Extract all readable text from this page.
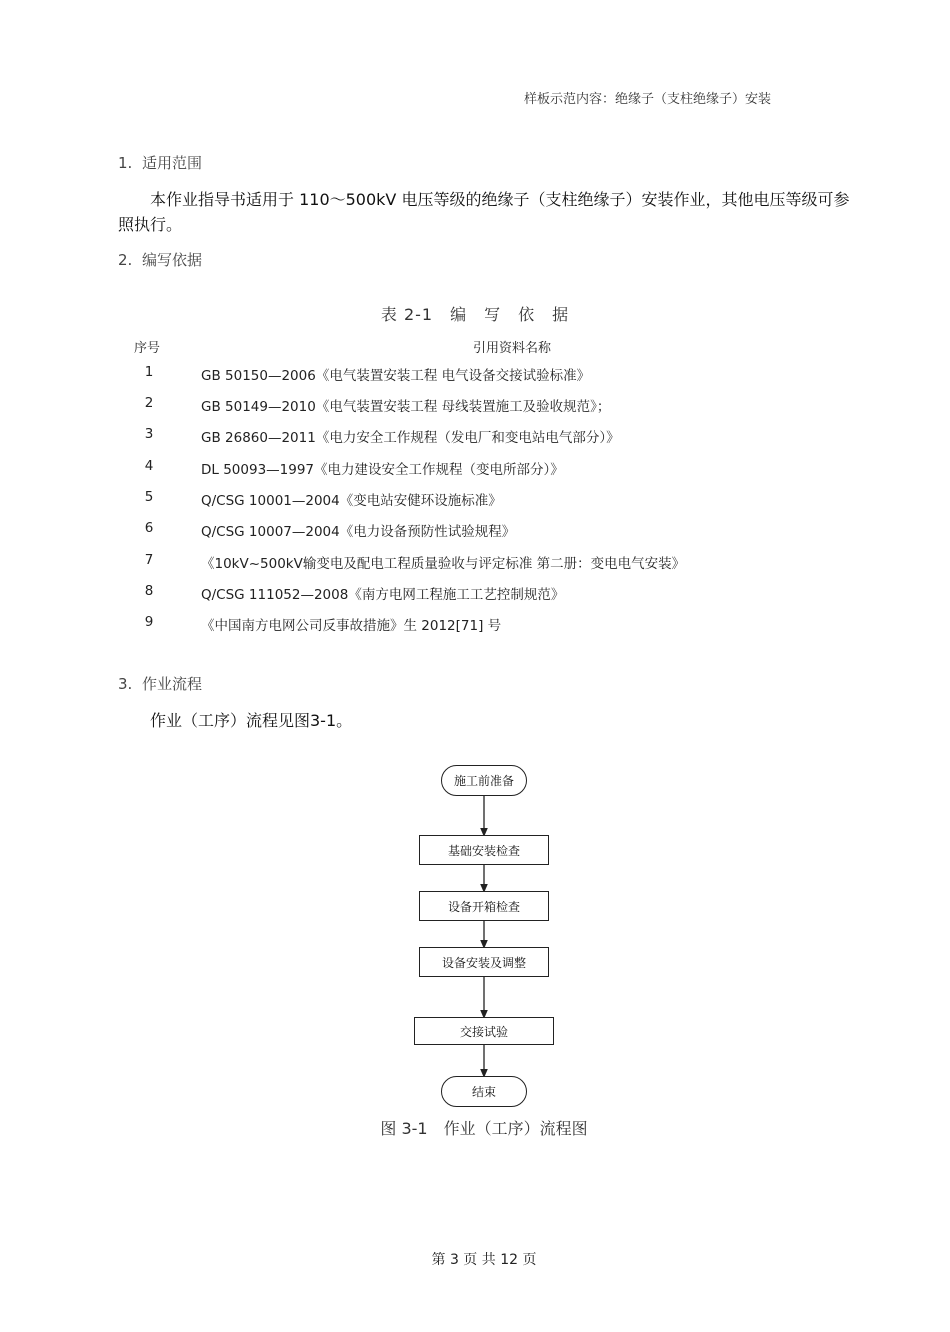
样板示范内容：绝缘子（支柱绝缘子）安装
1. 适用范围
本作业指导书适用于 110～500kV 电压等级的绝缘子（支柱绝缘子）安装作业，其他电压等级可参
照执行。
2. 编写依据
表 2-1　编　写　依　据
序号	引用资料名称
1	GB 50150—2006《电气装置安装工程 电气设备交接试验标准》
2	GB 50149—2010《电气装置安装工程 母线装置施工及验收规范》；
3	GB 26860—2011《电力安全工作规程（发电厂和变电站电气部分）》
4	DL 50093—1997《电力建设安全工作规程（变电所部分）》
5	Q/CSG 10001—2004《变电站安健环设施标准》
6	Q/CSG 10007—2004《电力设备预防性试验规程》
7	《10kV~500kV输变电及配电工程质量验收与评定标准 第二册：变电电气安装》
8	Q/CSG 111052—2008《南方电网工程施工工艺控制规范》
9	《中国南方电网公司反事故措施》生 2012[71] 号
3. 作业流程
作业（工序）流程见图3-1。
施工前准备
基础安装检查
设备开箱检查
设备安装及调整
交接试验
结束
图 3-1　作业（工序）流程图
第 3 页 共 12 页
